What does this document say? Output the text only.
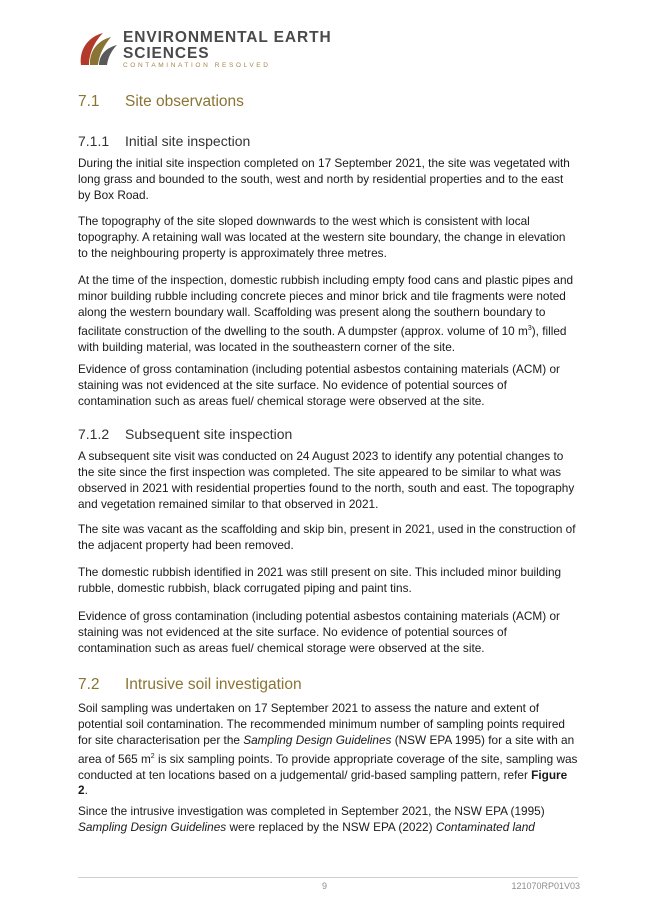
ENVIRONMENTAL EARTH
SCIENCES
CONTAMINATION RESOLVED
7.1 Site observations
7.1.1 Initial site inspection
During the initial site inspection completed on 17 September 2021, the site was vegetated with long grass and bounded to the south, west and north by residential properties and to the east by Box Road.
The topography of the site sloped downwards to the west which is consistent with local topography. A retaining wall was located at the western site boundary, the change in elevation to the neighbouring property is approximately three metres.
At the time of the inspection, domestic rubbish including empty food cans and plastic pipes and minor building rubble including concrete pieces and minor brick and tile fragments were noted along the western boundary wall. Scaffolding was present along the southern boundary to facilitate construction of the dwelling to the south. A dumpster (approx. volume of 10 $m^3$), filled with building material, was located in the southeastern corner of the site.
Evidence of gross contamination (including potential asbestos containing materials (ACM) or staining was not evidenced at the site surface. No evidence of potential sources of contamination such as areas fuel/ chemical storage were observed at the site.
7.1.2 Subsequent site inspection
A subsequent site visit was conducted on 24 August 2023 to identify any potential changes to the site since the first inspection was completed. The site appeared to be similar to what was observed in 2021 with residential properties found to the north, south and east. The topography and vegetation remained similar to that observed in 2021.
The site was vacant as the scaffolding and skip bin, present in 2021, used in the construction of the adjacent property had been removed.
The domestic rubbish identified in 2021 was still present on site. This included minor building rubble, domestic rubbish, black corrugated piping and paint tins.
Evidence of gross contamination (including potential asbestos containing materials (ACM) or staining was not evidenced at the site surface. No evidence of potential sources of contamination such as areas fuel/ chemical storage were observed at the site.
7.2 Intrusive soil investigation
Soil sampling was undertaken on 17 September 2021 to assess the nature and extent of potential soil contamination. The recommended minimum number of sampling points required for site characterisation per the Sampling Design Guidelines (NSW EPA 1995) for a site with an area of 565 $m^2$ is six sampling points. To provide appropriate coverage of the site, sampling was conducted at ten locations based on a judgemental/ grid-based sampling pattern, refer Figure 2.
Since the intrusive investigation was completed in September 2021, the NSW EPA (1995) Sampling Design Guidelines were replaced by the NSW EPA (2022) Contaminated land
9	121070RP01V03
